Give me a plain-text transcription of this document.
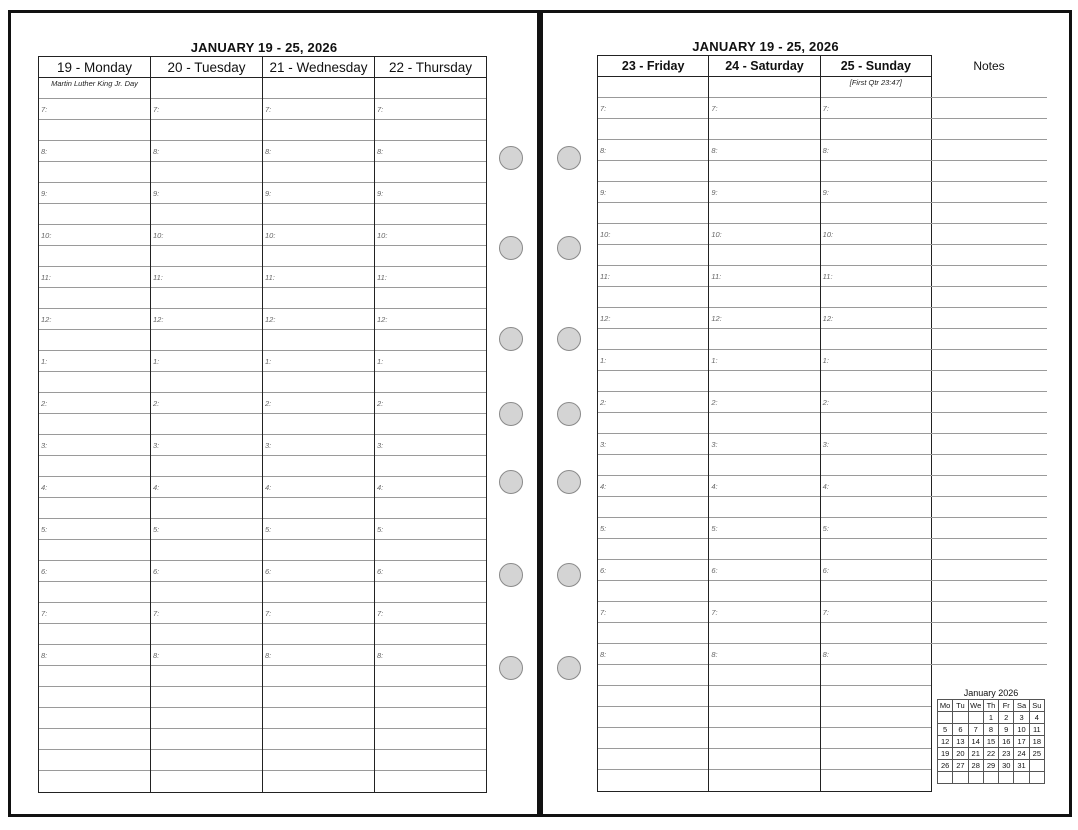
JANUARY 19 - 25, 2026
19 - Monday
Martin Luther King Jr. Day
7:
8:
9:
10:
11:
12:
1:
2:
3:
4:
5:
6:
7:
8:
20 - Tuesday
7:
8:
9:
10:
11:
12:
1:
2:
3:
4:
5:
6:
7:
8:
21 - Wednesday
7:
8:
9:
10:
11:
12:
1:
2:
3:
4:
5:
6:
7:
8:
22 - Thursday
7:
8:
9:
10:
11:
12:
1:
2:
3:
4:
5:
6:
7:
8:
JANUARY 19 - 25, 2026
23 - Friday
7:
8:
9:
10:
11:
12:
1:
2:
3:
4:
5:
6:
7:
8:
24 - Saturday
7:
8:
9:
10:
11:
12:
1:
2:
3:
4:
5:
6:
7:
8:
25 - Sunday
[First Qtr 23:47]
7:
8:
9:
10:
11:
12:
1:
2:
3:
4:
5:
6:
7:
8:
Notes
January 2026
Mo	Tu	We	Th	Fr	Sa	Su
			1	2	3	4
5	6	7	8	9	10	11
12	13	14	15	16	17	18
19	20	21	22	23	24	25
26	27	28	29	30	31	
